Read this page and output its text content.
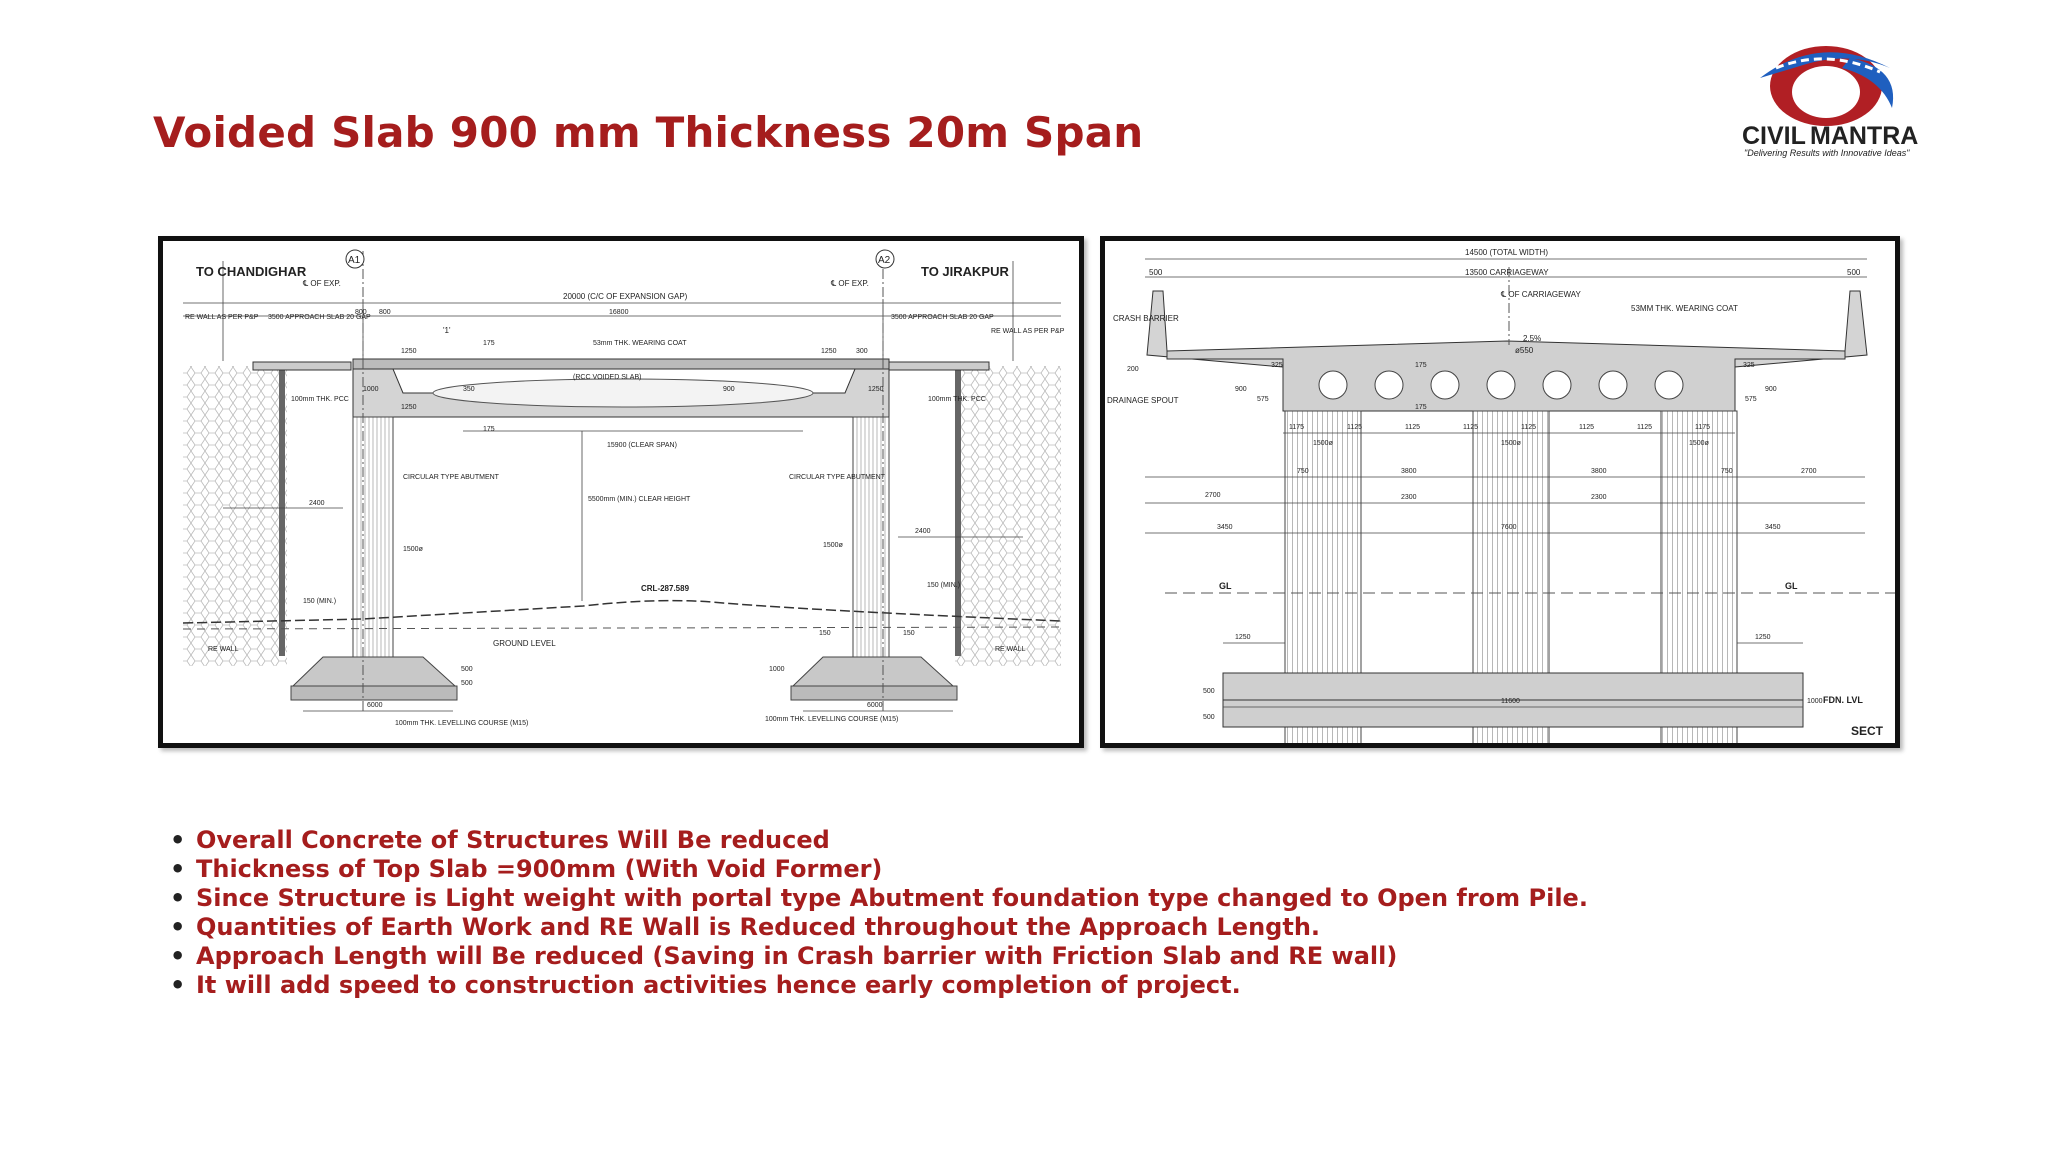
Voided Slab 900 mm Thickness 20m Span	CIVIL MANTRA
"Delivering Results with Innovative Ideas"
TO CHANDIGHAR	TO JIRAKPUR
A1	A2
℄ OF EXP.	℄ OF EXP.
20000 (C/C OF EXPANSION GAP)
RE WALL AS PER P&P 3500 APPROACH SLAB 20 GAP	3500 APPROACH SLAB 20 GAP
RE WALL AS PER P&P
800 800	16800
1250	1250
1250
175
175
350	900
1000
300
1250
53mm THK. WEARING COAT
(RCC VOIDED SLAB)
100mm THK. PCC	100mm THK. PCC
15900 (CLEAR SPAN)
CIRCULAR TYPE ABUTMENT	CIRCULAR TYPE ABUTMENT
2400
2400
1500ø
1500ø
5500mm (MIN.) CLEAR HEIGHT
CRL-287.589
150 (MIN.)
150 (MIN.)
GROUND LEVEL
RE WALL	RE WALL
150	150
500
500
1000
6000	6000
100mm THK. LEVELLING COURSE (M15)
100mm THK. LEVELLING COURSE (M15)
'1'
14500 (TOTAL WIDTH)
500	13500 CARRIAGEWAY	500
℄ OF CARRIAGEWAY
53MM THK. WEARING COAT
CRASH BARRIER
DRAINAGE SPOUT
2.5%
ø550
200
900
575
325	175
175
325
575
900
1175	1125	1125	1125	1125	1125	1125	1175
1500ø	1500ø	1500ø
750	3800	3800	750
2700
2700
2300	2300
3450	7600	3450
GL	GL
1250	1250
11600
500
500
1000 FDN. LVL
SECT
• Overall Concrete of Structures Will Be reduced
• Thickness of Top Slab =900mm (With Void Former)
• Since Structure is Light weight with portal type Abutment foundation type changed to Open from Pile.
• Quantities of Earth Work and RE Wall is Reduced throughout the Approach Length.
• Approach Length will Be reduced (Saving in Crash barrier with Friction Slab and RE wall)
• It will add speed to construction activities hence early completion of project.
